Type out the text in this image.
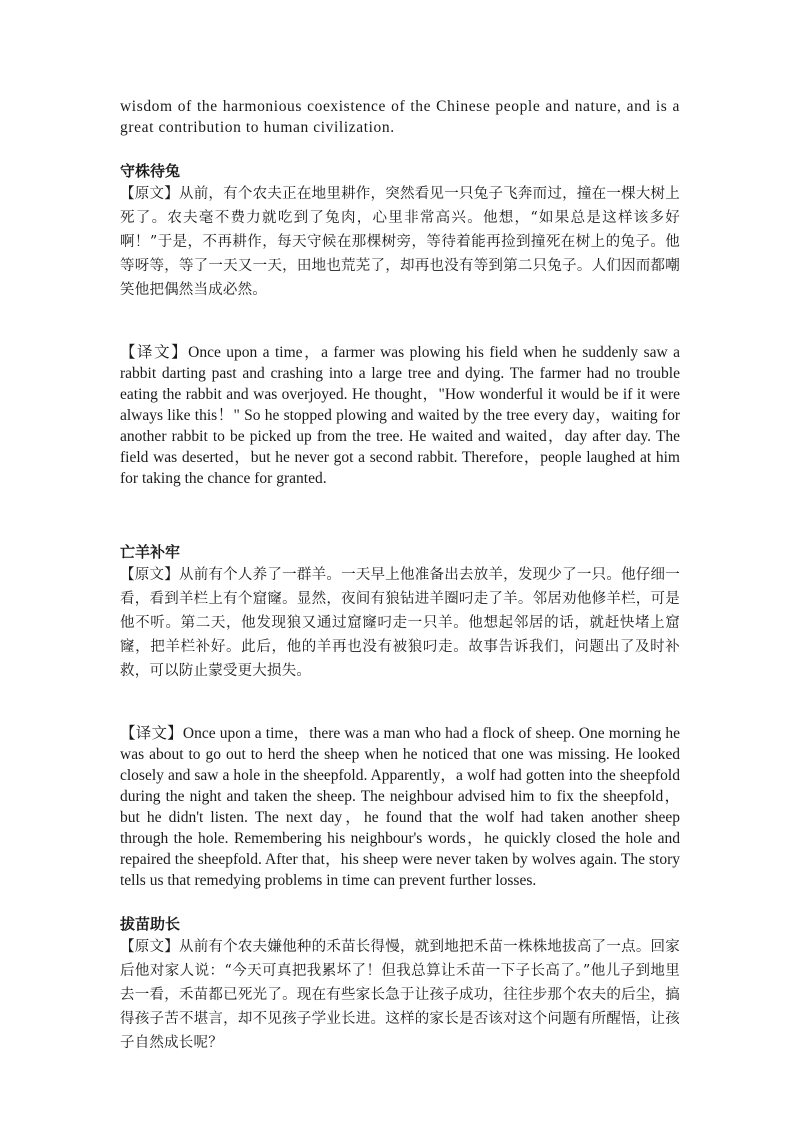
wisdom of the harmonious coexistence of the Chinese people and nature, and is a great contribution to human civilization.

守株待兔

【原文】从前，有个农夫正在地里耕作，突然看见一只兔子飞奔而过，撞在一棵大树上死了。农夫毫不费力就吃到了兔肉，心里非常高兴。他想，“如果总是这样该多好啊！”于是，不再耕作，每天守候在那棵树旁，等待着能再捡到撞死在树上的兔子。他等呀等，等了一天又一天，田地也荒芜了，却再也没有等到第二只兔子。人们因而都嘲笑他把偶然当成必然。

【译文】Once upon a time，a farmer was plowing his field when he suddenly saw a rabbit darting past and crashing into a large tree and dying. The farmer had no trouble eating the rabbit and was overjoyed. He thought，"How wonderful it would be if it were always like this！" So he stopped plowing and waited by the tree every day，waiting for another rabbit to be picked up from the tree. He waited and waited，day after day. The field was deserted，but he never got a second rabbit. Therefore，people laughed at him for taking the chance for granted.

亡羊补牢

【原文】从前有个人养了一群羊。一天早上他准备出去放羊，发现少了一只。他仔细一看，看到羊栏上有个窟窿。显然，夜间有狼钻进羊圈叼走了羊。邻居劝他修羊栏，可是他不听。第二天，他发现狼又通过窟窿叼走一只羊。他想起邻居的话，就赶快堵上窟窿，把羊栏补好。此后，他的羊再也没有被狼叼走。故事告诉我们，问题出了及时补救，可以防止蒙受更大损失。

【译文】Once upon a time，there was a man who had a flock of sheep. One morning he was about to go out to herd the sheep when he noticed that one was missing. He looked closely and saw a hole in the sheepfold. Apparently，a wolf had gotten into the sheepfold during the night and taken the sheep. The neighbour advised him to fix the sheepfold，but he didn't listen. The next day，he found that the wolf had taken another sheep through the hole. Remembering his neighbour's words，he quickly closed the hole and repaired the sheepfold. After that，his sheep were never taken by wolves again. The story tells us that remedying problems in time can prevent further losses.

拔苗助长

【原文】从前有个农夫嫌他种的禾苗长得慢，就到地把禾苗一株株地拔高了一点。回家后他对家人说：“今天可真把我累坏了！但我总算让禾苗一下子长高了。”他儿子到地里去一看，禾苗都已死光了。现在有些家长急于让孩子成功，往往步那个农夫的后尘，搞得孩子苦不堪言，却不见孩子学业长进。这样的家长是否该对这个问题有所醒悟，让孩子自然成长呢？
